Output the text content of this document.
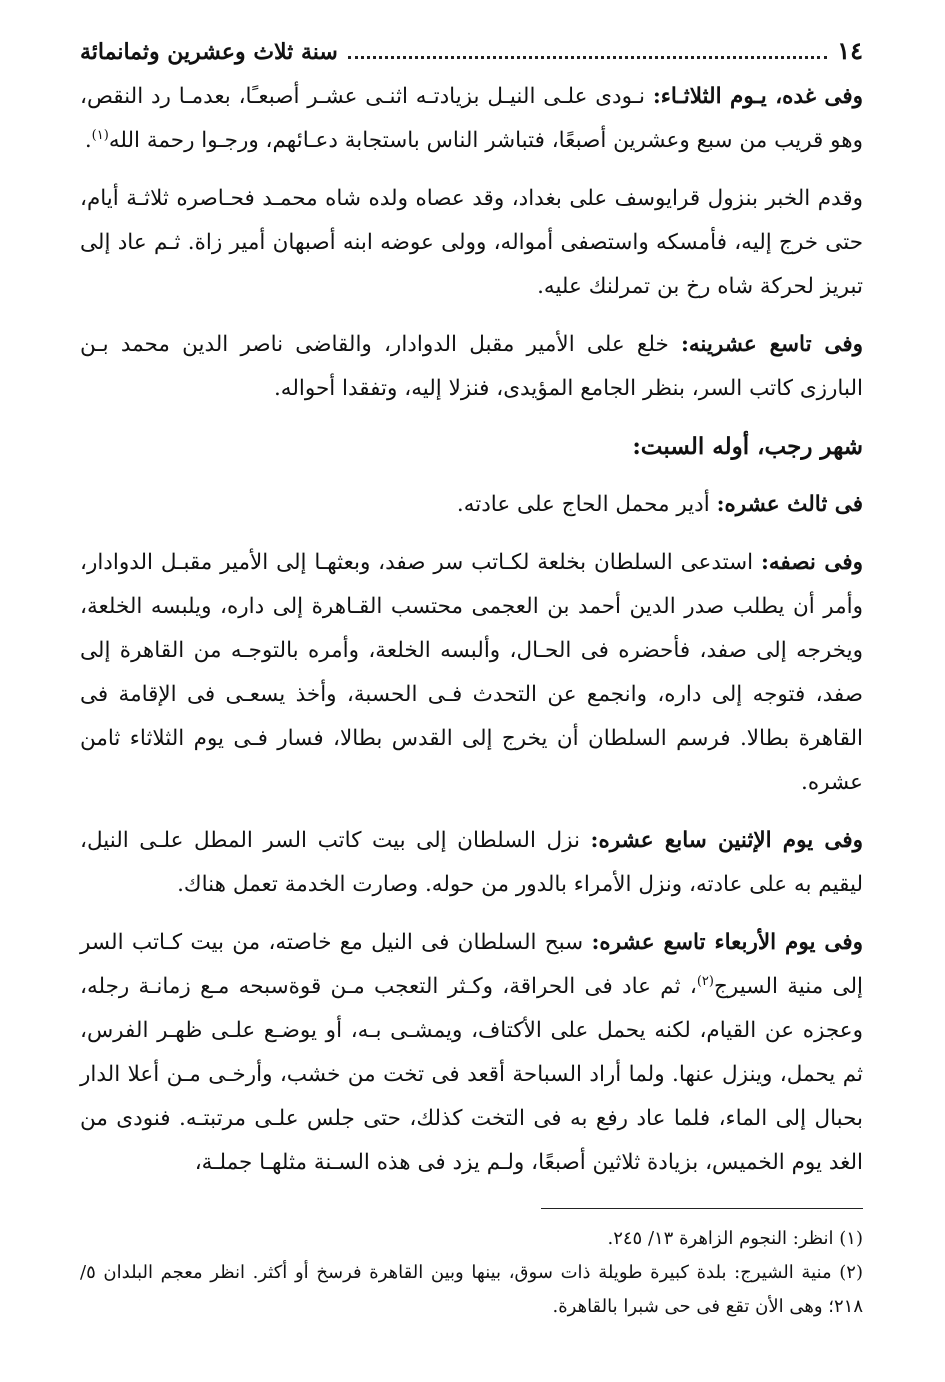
١٤
سنة ثلاث وعشرين وثمانمائة

وفى غده، يـوم الثلاثـاء: نـودى علـى النيـل بزيادتـه اثنـى عشـر أصبعـًا، بعدمـا رد النقص، وهو قريب من سبع وعشرين أصبعًا، فتباشر الناس باستجابة دعـائهم، ورجـوا رحمة الله$^{(١)}$.

وقدم الخبر بنزول قرايوسف على بغداد، وقد عصاه ولده شاه محمـد فحـاصره ثلاثـة أيام، حتى خرج إليه، فأمسكه واستصفى أمواله، وولى عوضه ابنه أصبهان أمير زاة. ثـم عاد إلى تبريز لحركة شاه رخ بن تمرلنك عليه.

وفى تاسع عشرينه: خلع على الأمير مقبل الدوادار، والقاضى ناصر الدين محمد بـن البارزى كاتب السر، بنظر الجامع المؤيدى، فنزلا إليه، وتفقدا أحواله.

شهر رجب، أوله السبت:

فى ثالث عشره: أدير محمل الحاج على عادته.

وفى نصفه: استدعى السلطان بخلعة لكـاتب سر صفد، وبعثهـا إلى الأمير مقبـل الدوادار، وأمر أن يطلب صدر الدين أحمد بن العجمى محتسب القـاهرة إلى داره، ويلبسه الخلعة، ويخرجه إلى صفد، فأحضره فى الحـال، وألبسه الخلعة، وأمره بالتوجـه من القاهرة إلى صفد، فتوجه إلى داره، وانجمع عن التحدث فـى الحسبة، وأخذ يسعـى فى الإقامة فى القاهرة بطالا. فرسم السلطان أن يخرج إلى القدس بطالا، فسار فـى يوم الثلاثاء ثامن عشره.

وفى يوم الإثنين سابع عشره: نزل السلطان إلى بيت كاتب السر المطل علـى النيل، ليقيم به على عادته، ونزل الأمراء بالدور من حوله. وصارت الخدمة تعمل هناك.

وفى يوم الأربعاء تاسع عشره: سبح السلطان فى النيل مع خاصته، من بيت كـاتب السر إلى منية السيرج$^{(٢)}$، ثم عاد فى الحراقة، وكـثر التعجب مـن قوةسبحه مـع زمانـة رجله، وعجزه عن القيام، لكنه يحمل على الأكتاف، ويمشـى بـه، أو يوضـع علـى ظهـر الفرس، ثم يحمل، وينزل عنها. ولما أراد السباحة أقعد فى تخت من خشب، وأرخـى مـن أعلا الدار بحبال إلى الماء، فلما عاد رفع به فى التخت كذلك، حتى جلس علـى مرتبتـه. فنودى من الغد يوم الخميس، بزيادة ثلاثين أصبعًا، ولـم يزد فى هذه السـنة مثلهـا جملـة،

(١) انظر: النجوم الزاهرة ١٣/ ٢٤٥.

(٢) منية الشيرج: بلدة كبيرة طويلة ذات سوق، بينها وبين القاهرة فرسخ أو أكثر. انظر معجم البلدان ٥/ ٢١٨؛ وهى الأن تقع فى حى شبرا بالقاهرة.
